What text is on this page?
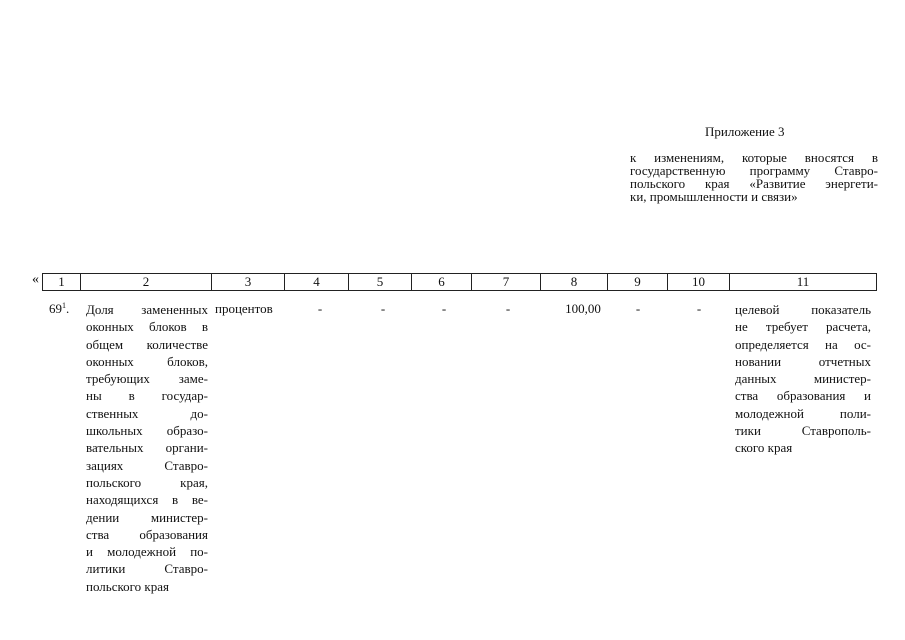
Приложение 3

к изменениям, которые вносятся в
государственную программу Ставро-
польского края «Развитие энергети-
ки, промышленности и связи»

« 1	2	3	4	5	6	7	8	9	10	11

$69^1$. Доля замененных
оконных блоков в
общем количестве
оконных блоков,
требующих заме-
ны в государ-
ственных до-
школьных образо-
вательных органи-
зациях Ставро-
польского края,
находящихся в ве-
дении министер-
ства образования
и молодежной по-
литики Ставро-
польского края

процентов	-	-	-	-	100,00	-	-	целевой показатель
не требует расчета,
определяется на ос-
новании отчетных
данных министер-
ства образования и
молодежной поли-
тики Ставрополь-
ского края
